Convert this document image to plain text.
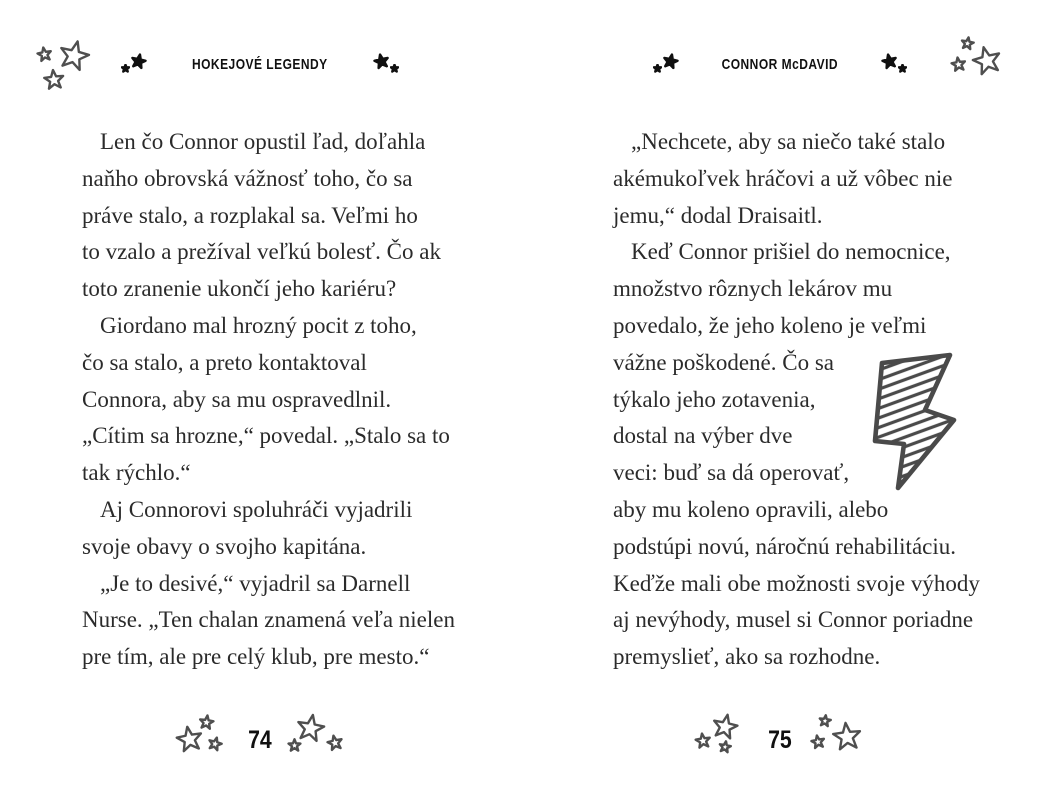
HOKEJOVÉ LEGENDY
Len čo Connor opustil ľad, doľahla
naňho obrovská vážnosť toho, čo sa
práve stalo, a rozplakal sa. Veľmi ho
to vzalo a prežíval veľkú bolesť. Čo ak
toto zranenie ukončí jeho kariéru?
Giordano mal hrozný pocit z toho,
čo sa stalo, a preto kontaktoval
Connora, aby sa mu ospravedlnil.
„Cítim sa hrozne,“ povedal. „Stalo sa to
tak rýchlo.“
Aj Connorovi spoluhráči vyjadrili
svoje obavy o svojho kapitána.
„Je to desivé,“ vyjadril sa Darnell
Nurse. „Ten chalan znamená veľa nielen
pre tím, ale pre celý klub, pre mesto.“
74
CONNOR McDAVID
„Nechcete, aby sa niečo také stalo
akémukoľvek hráčovi a už vôbec nie
jemu,“ dodal Draisaitl.
Keď Connor prišiel do nemocnice,
množstvo rôznych lekárov mu
povedalo, že jeho koleno je veľmi
vážne poškodené. Čo sa
týkalo jeho zotavenia,
dostal na výber dve
veci: buď sa dá operovať,
aby mu koleno opravili, alebo
podstúpi novú, náročnú rehabilitáciu.
Keďže mali obe možnosti svoje výhody
aj nevýhody, musel si Connor poriadne
premyslieť, ako sa rozhodne.
75
